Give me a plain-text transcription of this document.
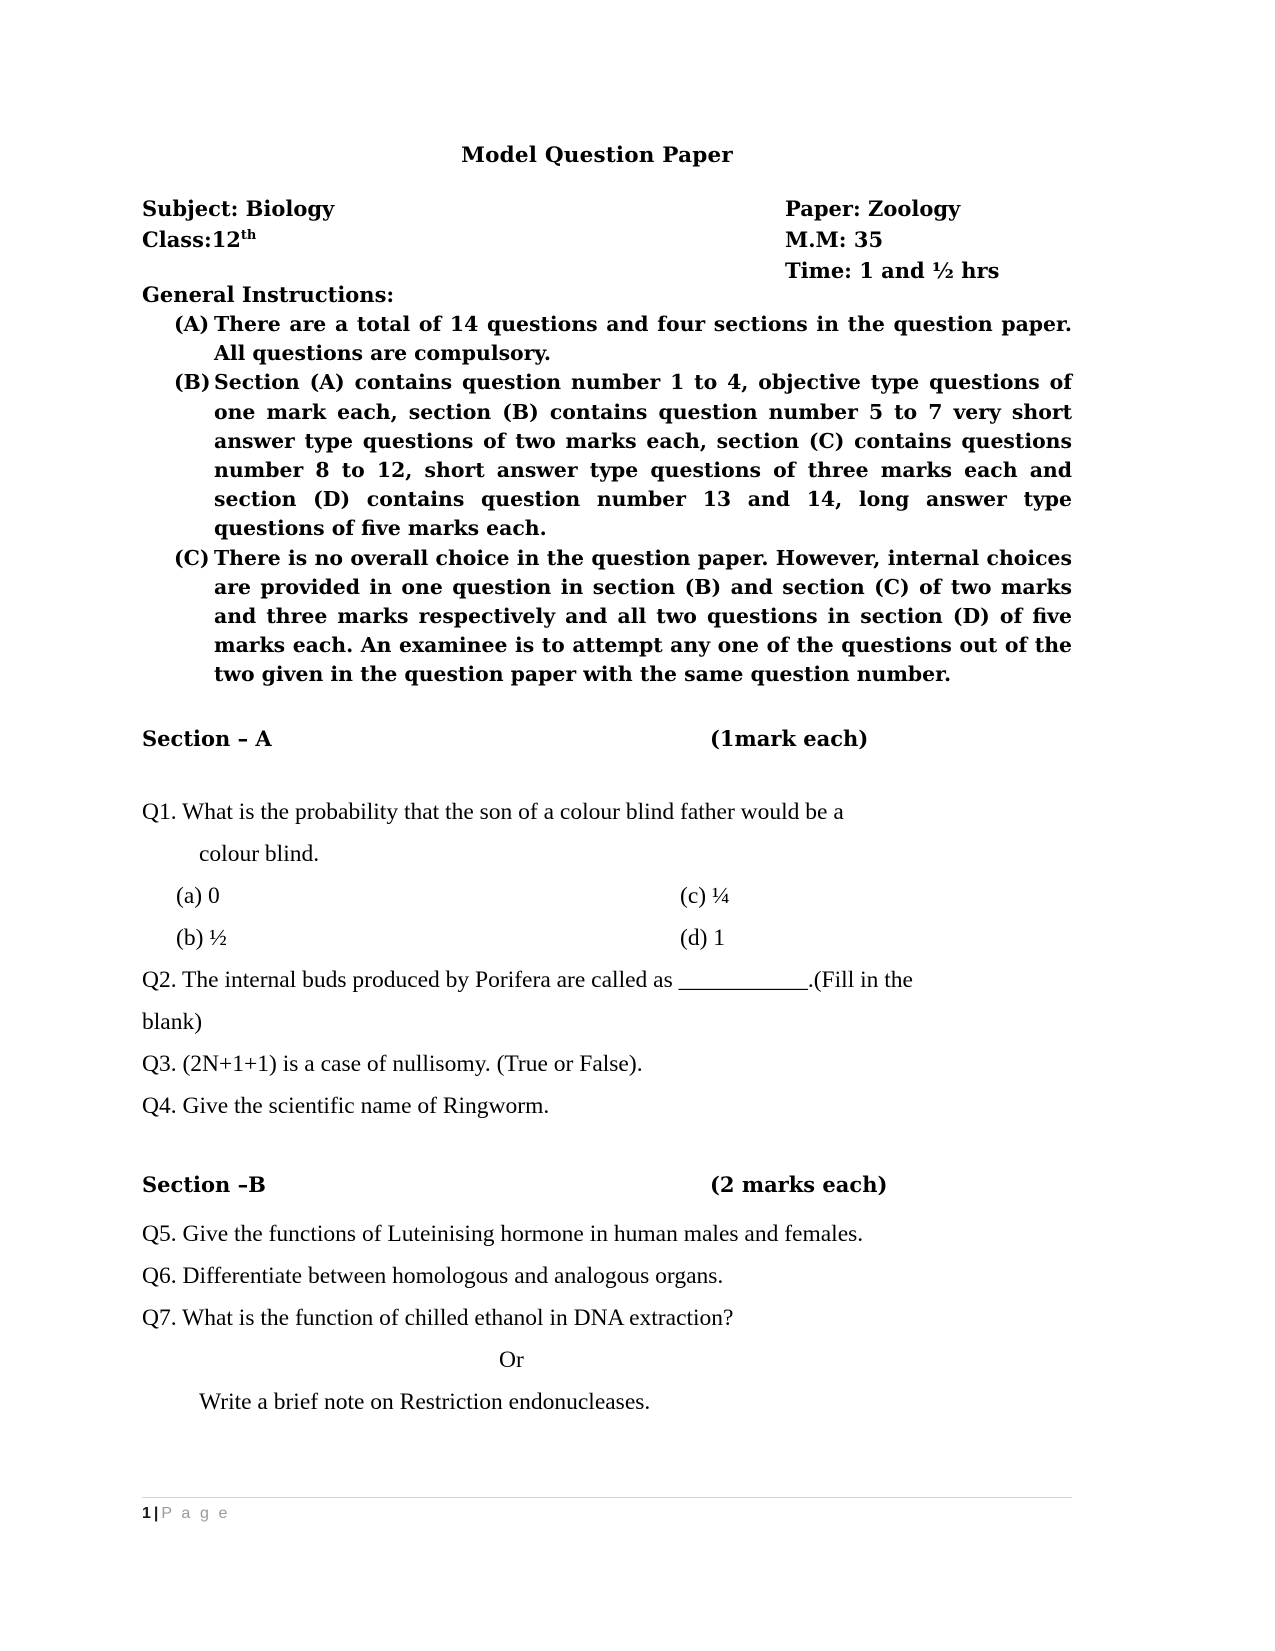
Model Question Paper
Subject: Biology
Class:12th
Paper: Zoology
M.M: 35
Time: 1 and ½ hrs
General Instructions:
(A) There are a total of 14 questions and four sections in the question paper. All questions are compulsory.
(B) Section (A) contains question number 1 to 4, objective type questions of one mark each, section (B) contains question number 5 to 7 very short answer type questions of two marks each, section (C) contains questions number 8 to 12, short answer type questions of three marks each and section (D) contains question number 13 and 14, long answer type questions of five marks each.
(C) There is no overall choice in the question paper. However, internal choices are provided in one question in section (B) and section (C) of two marks and three marks respectively and all two questions in section (D) of five marks each. An examinee is to attempt any one of the questions out of the two given in the question paper with the same question number.
Section – A	(1mark each)
Q1. What is the probability that the son of a colour blind father would be a
colour blind.
(a) 0	(c) ¼
(b) ½	(d) 1
Q2. The internal buds produced by Porifera are called as ___________.(Fill in the
blank)
Q3. (2N+1+1) is a case of nullisomy. (True or False).
Q4. Give the scientific name of Ringworm.
Section –B	(2 marks each)
Q5. Give the functions of Luteinising hormone in human males and females.
Q6. Differentiate between homologous and analogous organs.
Q7. What is the function of chilled ethanol in DNA extraction?
Or
Write a brief note on Restriction endonucleases.
1 | P a g e
